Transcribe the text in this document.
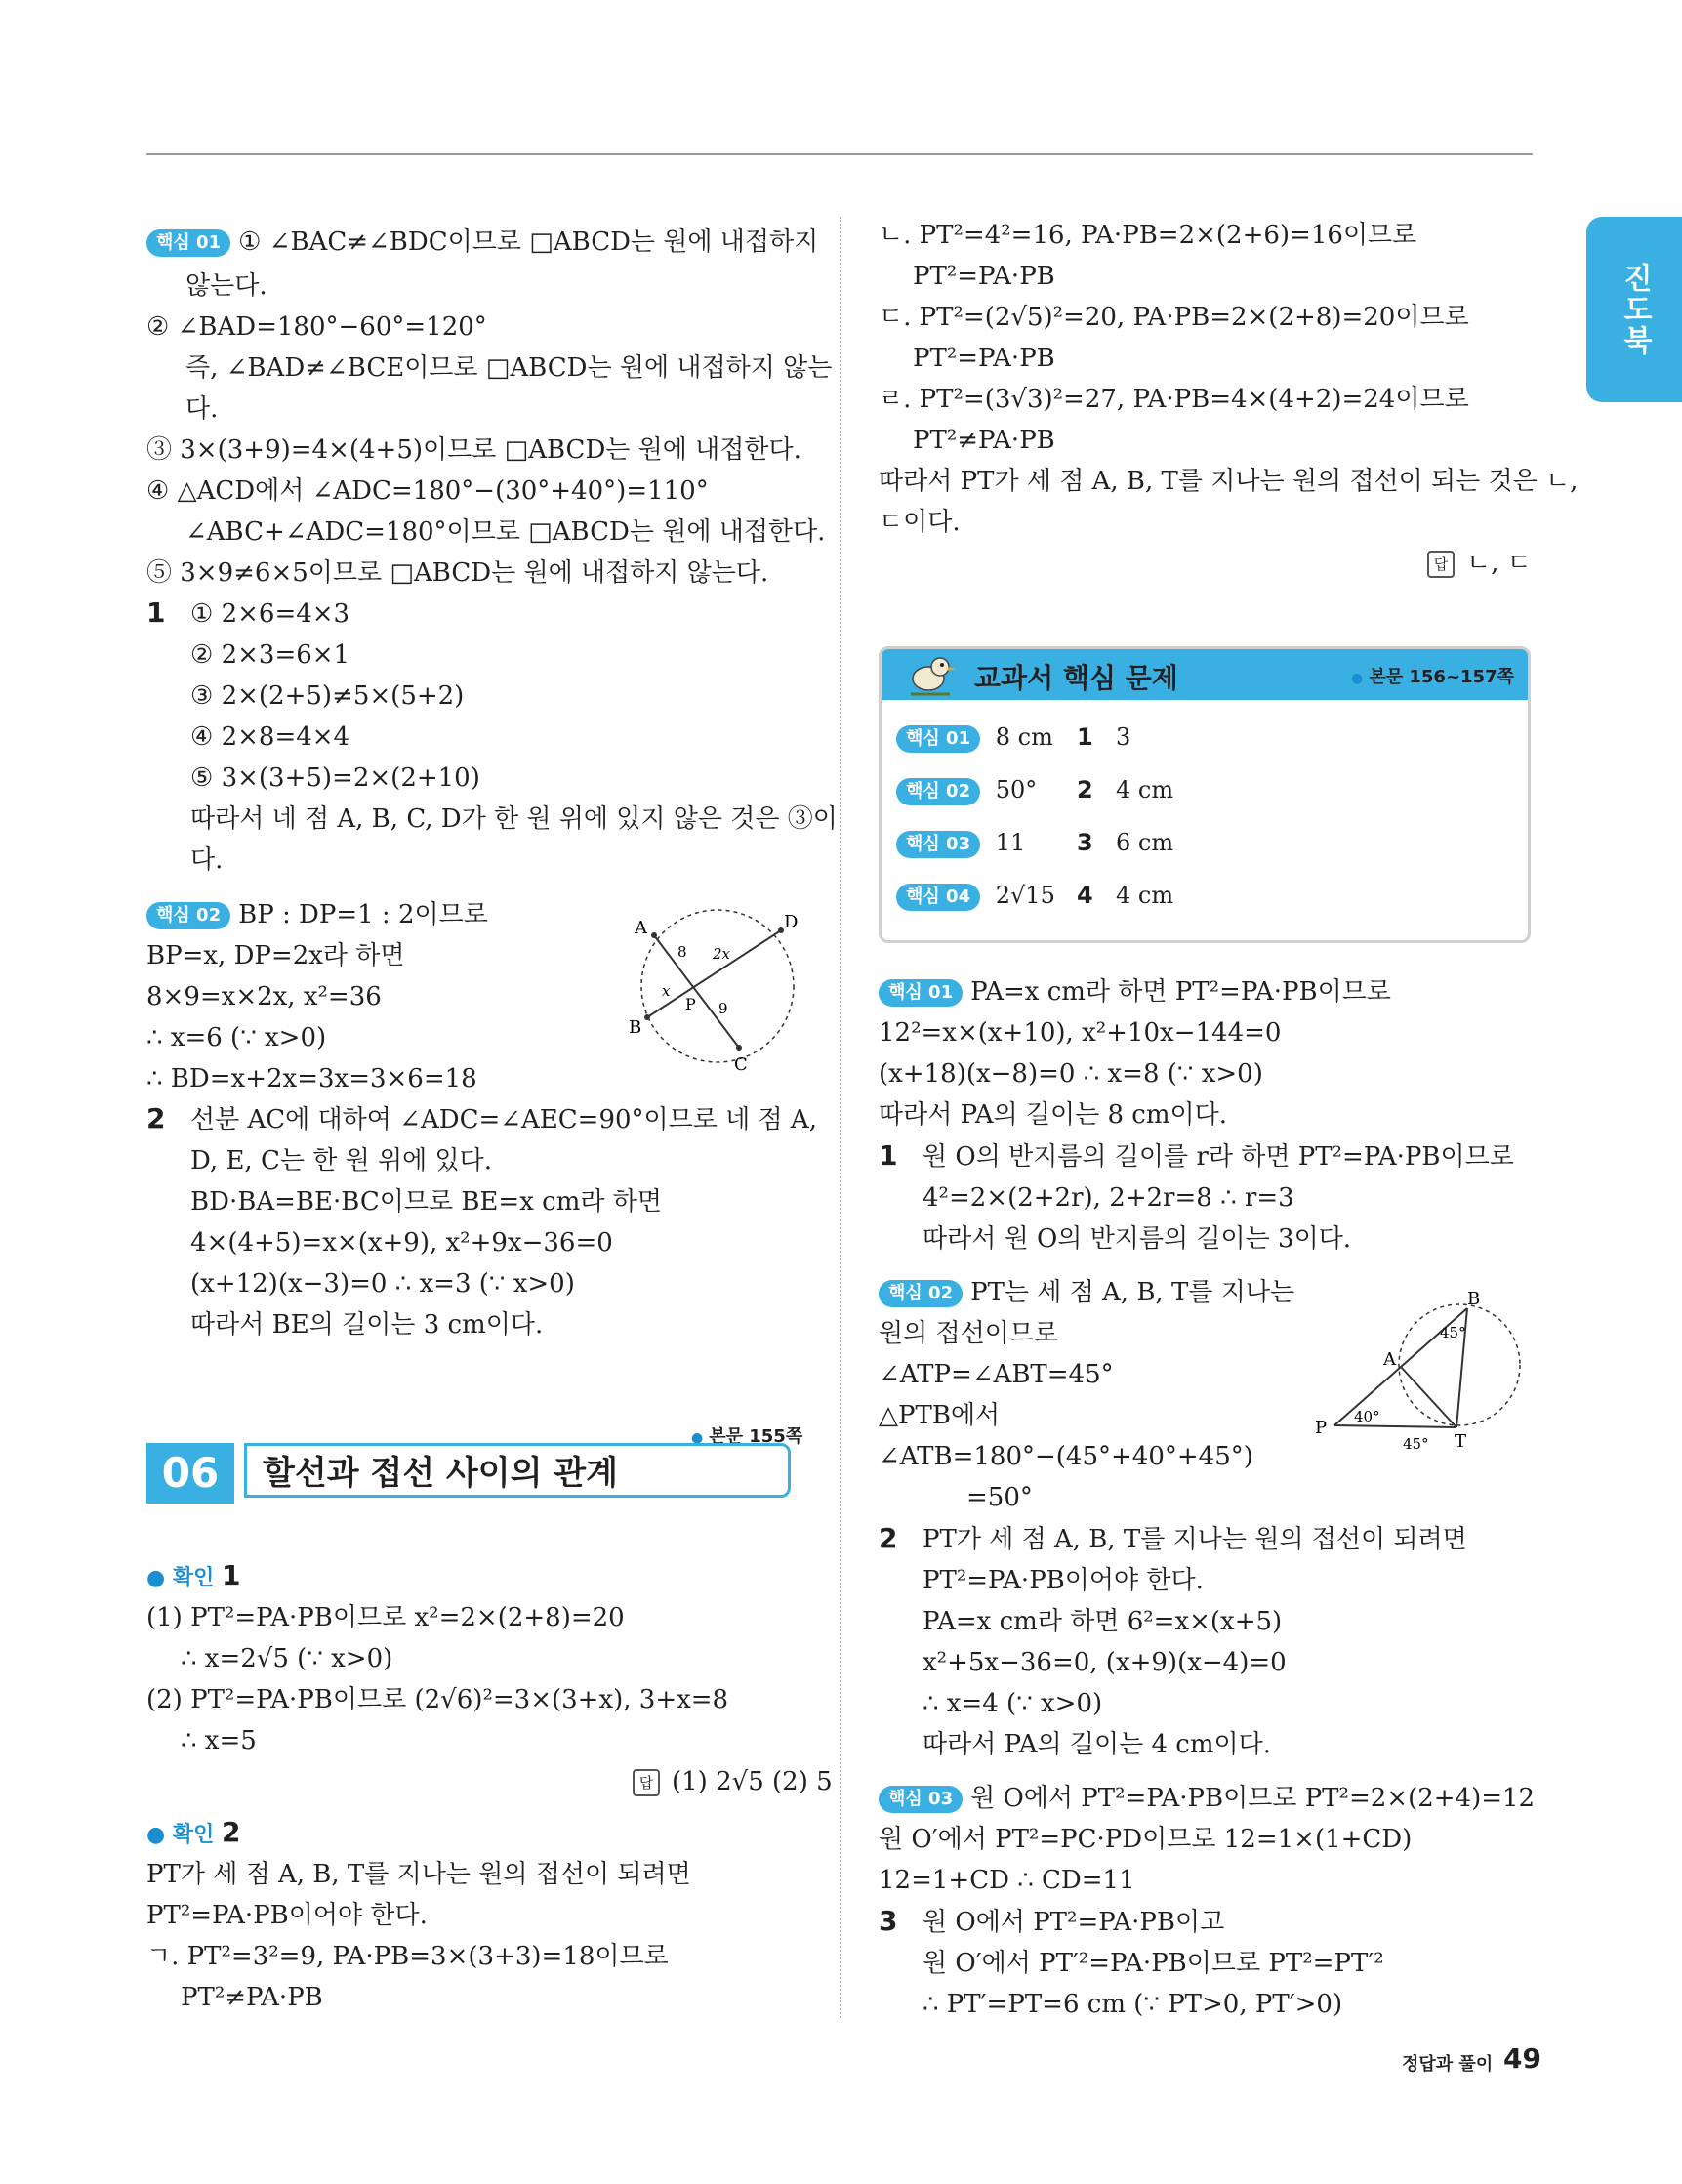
진도북
핵심 01 ① ∠BAC≠∠BDC이므로 □ABCD는 원에 내접하지
않는다.
② ∠BAD=180°−60°=120°
즉, ∠BAD≠∠BCE이므로 □ABCD는 원에 내접하지 않는
다.
③ 3×(3+9)=4×(4+5)이므로 □ABCD는 원에 내접한다.
④ △ACD에서 ∠ADC=180°−(30°+40°)=110°
∠ABC+∠ADC=180°이므로 □ABCD는 원에 내접한다.
⑤ 3×9≠6×5이므로 □ABCD는 원에 내접하지 않는다.
1 ① 2×6=4×3
② 2×3=6×1
③ 2×(2+5)≠5×(5+2)
④ 2×8=4×4
⑤ 3×(3+5)=2×(2+10)
따라서 네 점 A, B, C, D가 한 원 위에 있지 않은 것은 ③이
다.
핵심 02 BP : DP=1 : 2이므로
BP=x, DP=2x라 하면
8×9=x×2x, x²=36
∴ x=6 (∵ x>0)
∴ BD=x+2x=3x=3×6=18
A	D
B
C
P
8 2x
x
9
2 선분 AC에 대하여 ∠ADC=∠AEC=90°이므로 네 점 A,
D, E, C는 한 원 위에 있다.
BD·BA=BE·BC이므로 BE=x cm라 하면
4×(4+5)=x×(x+9), x²+9x−36=0
(x+12)(x−3)=0 ∴ x=3 (∵ x>0)
따라서 BE의 길이는 3 cm이다.
● 본문 155쪽
06	할선과 접선 사이의 관계
● 확인 1
(1) PT²=PA·PB이므로 x²=2×(2+8)=20
∴ x=2√5 (∵ x>0)
(2) PT²=PA·PB이므로 (2√6)²=3×(3+x), 3+x=8
∴ x=5
답 (1) 2√5 (2) 5
● 확인 2
PT가 세 점 A, B, T를 지나는 원의 접선이 되려면
PT²=PA·PB이어야 한다.
ㄱ. PT²=3²=9, PA·PB=3×(3+3)=18이므로
PT²≠PA·PB
ㄴ. PT²=4²=16, PA·PB=2×(2+6)=16이므로
PT²=PA·PB
ㄷ. PT²=(2√5)²=20, PA·PB=2×(2+8)=20이므로
PT²=PA·PB
ㄹ. PT²=(3√3)²=27, PA·PB=4×(4+2)=24이므로
PT²≠PA·PB
따라서 PT가 세 점 A, B, T를 지나는 원의 접선이 되는 것은 ㄴ,
ㄷ이다.
답 ㄴ, ㄷ
교과서 핵심 문제
●	본문 156~157쪽
핵심 01 8 cm 1 3
핵심 02 50° 2 4 cm
핵심 03 11 3 6 cm
핵심 04 2√15 4 4 cm
핵심 01 PA=x cm라 하면 PT²=PA·PB이므로
12²=x×(x+10), x²+10x−144=0
(x+18)(x−8)=0 ∴ x=8 (∵ x>0)
따라서 PA의 길이는 8 cm이다.
1 원 O의 반지름의 길이를 r라 하면 PT²=PA·PB이므로
4²=2×(2+2r), 2+2r=8 ∴ r=3
따라서 원 O의 반지름의 길이는 3이다.
핵심 02 PT는 세 점 A, B, T를 지나는
원의 접선이므로
∠ATP=∠ABT=45°
△PTB에서
∠ATB=180°−(45°+40°+45°)
=50°
B
A
P
T
45°
40°
45°
2 PT가 세 점 A, B, T를 지나는 원의 접선이 되려면
PT²=PA·PB이어야 한다.
PA=x cm라 하면 6²=x×(x+5)
x²+5x−36=0, (x+9)(x−4)=0
∴ x=4 (∵ x>0)
따라서 PA의 길이는 4 cm이다.
핵심 03 원 O에서 PT²=PA·PB이므로 PT²=2×(2+4)=12
원 O′에서 PT²=PC·PD이므로 12=1×(1+CD)
12=1+CD ∴ CD=11
3 원 O에서 PT²=PA·PB이고
원 O′에서 PT′²=PA·PB이므로 PT²=PT′²
∴ PT′=PT=6 cm (∵ PT>0, PT′>0)
정답과 풀이 49
